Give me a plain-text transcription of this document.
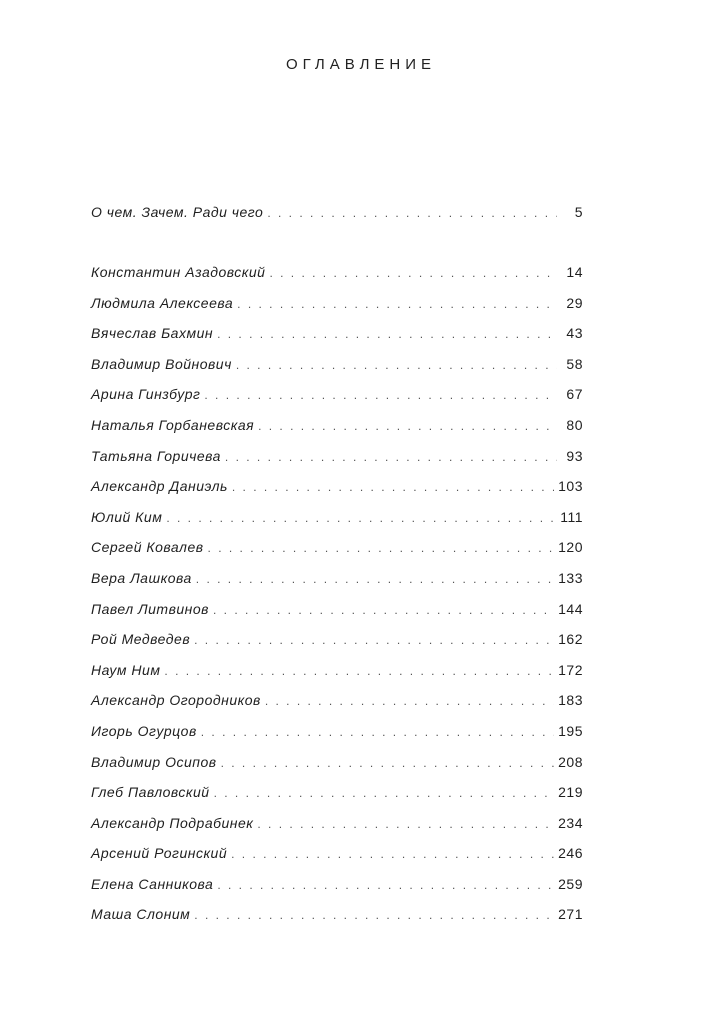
ОГЛАВЛЕНИЕ
О чем. Зачем. Ради чего . . .	5
Константин Азадовский . . .	14
Людмила Алексеева . . .	29
Вячеслав Бахмин . . .	43
Владимир Войнович . . .	58
Арина Гинзбург . . .	67
Наталья Горбаневская . . .	80
Татьяна Горичева . . .	93
Александр Даниэль . . .	103
Юлий Ким . . .	111
Сергей Ковалев . . .	120
Вера Лашкова . . .	133
Павел Литвинов . . .	144
Рой Медведев . . .	162
Наум Ним . . .	172
Александр Огородников . . .	183
Игорь Огурцов . . .	195
Владимир Осипов . . .	208
Глеб Павловский . . .	219
Александр Подрабинек . . .	234
Арсений Рогинский . . .	246
Елена Санникова . . .	259
Маша Слоним . . .	271
